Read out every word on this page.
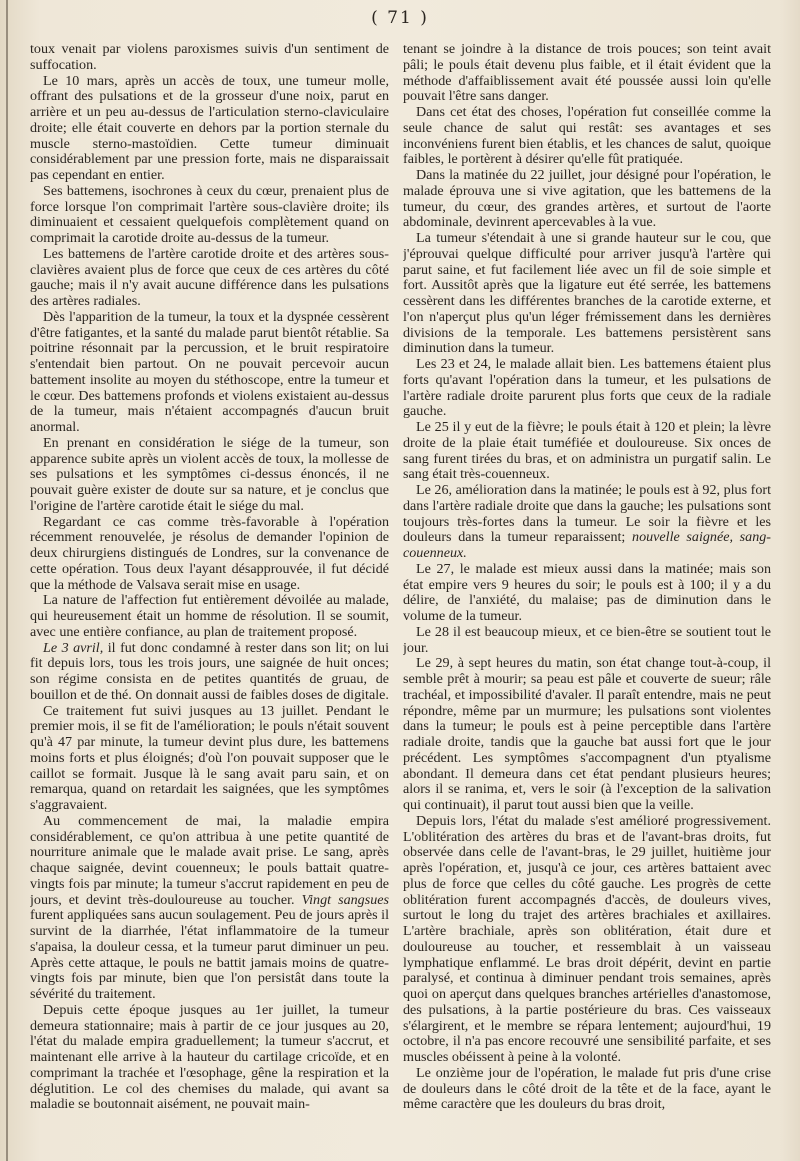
( 71 )

toux venait par violens paroxismes suivis d'un sentiment de suffocation.

Le 10 mars, après un accès de toux, une tumeur molle, offrant des pulsations et de la grosseur d'une noix, parut en arrière et un peu au-dessus de l'articulation sterno-claviculaire droite; elle était couverte en dehors par la portion sternale du muscle sterno-mastoïdien. Cette tumeur diminuait considérablement par une pression forte, mais ne disparaissait pas cependant en entier.

Ses battemens, isochrones à ceux du cœur, prenaient plus de force lorsque l'on comprimait l'artère sous-clavière droite; ils diminuaient et cessaient quelquefois complètement quand on comprimait la carotide droite au-dessus de la tumeur.

Les battemens de l'artère carotide droite et des artères sous-clavières avaient plus de force que ceux de ces artères du côté gauche; mais il n'y avait aucune différence dans les pulsations des artères radiales.

Dès l'apparition de la tumeur, la toux et la dyspnée cessèrent d'être fatigantes, et la santé du malade parut bientôt rétablie. Sa poitrine résonnait par la percussion, et le bruit respiratoire s'entendait bien partout. On ne pouvait percevoir aucun battement insolite au moyen du stéthoscope, entre la tumeur et le cœur. Des battemens profonds et violens existaient au-dessus de la tumeur, mais n'étaient accompagnés d'aucun bruit anormal.

En prenant en considération le siége de la tumeur, son apparence subite après un violent accès de toux, la mollesse de ses pulsations et les symptômes ci-dessus énoncés, il ne pouvait guère exister de doute sur sa nature, et je conclus que l'origine de l'artère carotide était le siége du mal.

Regardant ce cas comme très-favorable à l'opération récemment renouvelée, je résolus de demander l'opinion de deux chirurgiens distingués de Londres, sur la convenance de cette opération. Tous deux l'ayant désapprouvée, il fut décidé que la méthode de Valsava serait mise en usage.

La nature de l'affection fut entièrement dévoilée au malade, qui heureusement était un homme de résolution. Il se soumit, avec une entière confiance, au plan de traitement proposé.

Le 3 avril, il fut donc condamné à rester dans son lit; on lui fit depuis lors, tous les trois jours, une saignée de huit onces; son régime consista en de petites quantités de gruau, de bouillon et de thé. On donnait aussi de faibles doses de digitale.

Ce traitement fut suivi jusques au 13 juillet. Pendant le premier mois, il se fit de l'amélioration; le pouls n'était souvent qu'à 47 par minute, la tumeur devint plus dure, les battemens moins forts et plus éloignés; d'où l'on pouvait supposer que le caillot se formait. Jusque là le sang avait paru sain, et on remarqua, quand on retardait les saignées, que les symptômes s'aggravaient.

Au commencement de mai, la maladie empira considérablement, ce qu'on attribua à une petite quantité de nourriture animale que le malade avait prise. Le sang, après chaque saignée, devint couenneux; le pouls battait quatre-vingts fois par minute; la tumeur s'accrut rapidement en peu de jours, et devint très-douloureuse au toucher. Vingt sangsues furent appliquées sans aucun soulagement. Peu de jours après il survint de la diarrhée, l'état inflammatoire de la tumeur s'apaisa, la douleur cessa, et la tumeur parut diminuer un peu. Après cette attaque, le pouls ne battit jamais moins de quatre-vingts fois par minute, bien que l'on persistât dans toute la sévérité du traitement.

Depuis cette époque jusques au 1er juillet, la tumeur demeura stationnaire; mais à partir de ce jour jusques au 20, l'état du malade empira graduellement; la tumeur s'accrut, et maintenant elle arrive à la hauteur du cartilage cricoïde, et en comprimant la trachée et l'œsophage, gêne la respiration et la déglutition. Le col des chemises du malade, qui avant sa maladie se boutonnait aisément, ne pouvait main-

tenant se joindre à la distance de trois pouces; son teint avait pâli; le pouls était devenu plus faible, et il était évident que la méthode d'affaiblissement avait été poussée aussi loin qu'elle pouvait l'être sans danger.

Dans cet état des choses, l'opération fut conseillée comme la seule chance de salut qui restât: ses avantages et ses inconvéniens furent bien établis, et les chances de salut, quoique faibles, le portèrent à désirer qu'elle fût pratiquée.

Dans la matinée du 22 juillet, jour désigné pour l'opération, le malade éprouva une si vive agitation, que les battemens de la tumeur, du cœur, des grandes artères, et surtout de l'aorte abdominale, devinrent apercevables à la vue.

La tumeur s'étendait à une si grande hauteur sur le cou, que j'éprouvai quelque difficulté pour arriver jusqu'à l'artère qui parut saine, et fut facilement liée avec un fil de soie simple et fort. Aussitôt après que la ligature eut été serrée, les battemens cessèrent dans les différentes branches de la carotide externe, et l'on n'aperçut plus qu'un léger frémissement dans les dernières divisions de la temporale. Les battemens persistèrent sans diminution dans la tumeur.

Les 23 et 24, le malade allait bien. Les battemens étaient plus forts qu'avant l'opération dans la tumeur, et les pulsations de l'artère radiale droite parurent plus forts que ceux de la radiale gauche.

Le 25 il y eut de la fièvre; le pouls était à 120 et plein; la lèvre droite de la plaie était tuméfiée et douloureuse. Six onces de sang furent tirées du bras, et on administra un purgatif salin. Le sang était très-couenneux.

Le 26, amélioration dans la matinée; le pouls est à 92, plus fort dans l'artère radiale droite que dans la gauche; les pulsations sont toujours très-fortes dans la tumeur. Le soir la fièvre et les douleurs dans la tumeur reparaissent; nouvelle saignée, sang-couenneux.

Le 27, le malade est mieux aussi dans la matinée; mais son état empire vers 9 heures du soir; le pouls est à 100; il y a du délire, de l'anxiété, du malaise; pas de diminution dans le volume de la tumeur.

Le 28 il est beaucoup mieux, et ce bien-être se soutient tout le jour.

Le 29, à sept heures du matin, son état change tout-à-coup, il semble prêt à mourir; sa peau est pâle et couverte de sueur; râle trachéal, et impossibilité d'avaler. Il paraît entendre, mais ne peut répondre, même par un murmure; les pulsations sont violentes dans la tumeur; le pouls est à peine perceptible dans l'artère radiale droite, tandis que la gauche bat aussi fort que le jour précédent. Les symptômes s'accompagnent d'un ptyalisme abondant. Il demeura dans cet état pendant plusieurs heures; alors il se ranima, et, vers le soir (à l'exception de la salivation qui continuait), il parut tout aussi bien que la veille.

Depuis lors, l'état du malade s'est amélioré progressivement. L'oblitération des artères du bras et de l'avant-bras droits, fut observée dans celle de l'avant-bras, le 29 juillet, huitième jour après l'opération, et, jusqu'à ce jour, ces artères battaient avec plus de force que celles du côté gauche. Les progrès de cette oblitération furent accompagnés d'accès, de douleurs vives, surtout le long du trajet des artères brachiales et axillaires. L'artère brachiale, après son oblitération, était dure et douloureuse au toucher, et ressemblait à un vaisseau lymphatique enflammé. Le bras droit dépérit, devint en partie paralysé, et continua à diminuer pendant trois semaines, après quoi on aperçut dans quelques branches artérielles d'anastomose, des pulsations, à la partie postérieure du bras. Ces vaisseaux s'élargirent, et le membre se répara lentement; aujourd'hui, 19 octobre, il n'a pas encore recouvré une sensibilité parfaite, et ses muscles obéissent à peine à la volonté.

Le onzième jour de l'opération, le malade fut pris d'une crise de douleurs dans le côté droit de la tête et de la face, ayant le même caractère que les douleurs du bras droit,
